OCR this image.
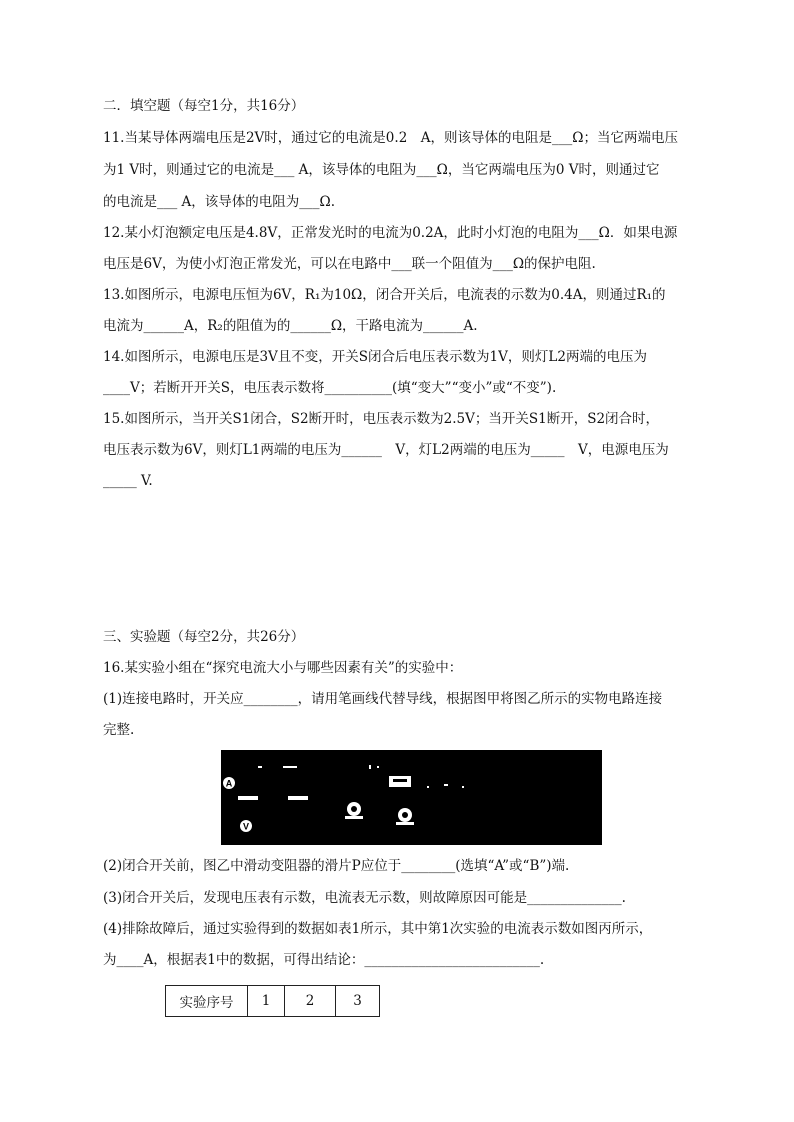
二．填空题（每空1分，共16分）
11.当某导体两端电压是2V时，通过它的电流是0.2　A，则该导体的电阻是___Ω；当它两端电压
为1 V时，则通过它的电流是___ A，该导体的电阻为___Ω，当它两端电压为0 V时，则通过它
的电流是___ A，该导体的电阻为___Ω.
12.某小灯泡额定电压是4.8V，正常发光时的电流为0.2A，此时小灯泡的电阻为___Ω．如果电源
电压是6V，为使小灯泡正常发光，可以在电路中___联一个阻值为___Ω的保护电阻.
13.如图所示，电源电压恒为6V，R₁为10Ω，闭合开关后，电流表的示数为0.4A，则通过R₁的
电流为______A，R₂的阻值为的______Ω，干路电流为______A.
14.如图所示，电源电压是3V且不变，开关S闭合后电压表示数为1V，则灯L2两端的电压为
____V；若断开开关S，电压表示数将__________(填“变大”“变小”或“不变”).
15.如图所示，当开关S1闭合，S2断开时，电压表示数为2.5V；当开关S1断开，S2闭合时，
电压表示数为6V，则灯L1两端的电压为______　V，灯L2两端的电压为_____　V，电源电压为
_____ V.
三、实验题（每空2分，共26分）
16.某实验小组在“探究电流大小与哪些因素有关”的实验中：
(1)连接电路时，开关应________，请用笔画线代替导线，根据图甲将图乙所示的实物电路连接
完整.
A
V
(2)闭合开关前，图乙中滑动变阻器的滑片P应位于________(选填“A”或“B”)端.
(3)闭合开关后，发现电压表有示数，电流表无示数，则故障原因可能是______________.
(4)排除故障后，通过实验得到的数据如表1所示，其中第1次实验的电流表示数如图丙所示，
为____A，根据表1中的数据，可得出结论：__________________________.
实验序号	1	2	3
